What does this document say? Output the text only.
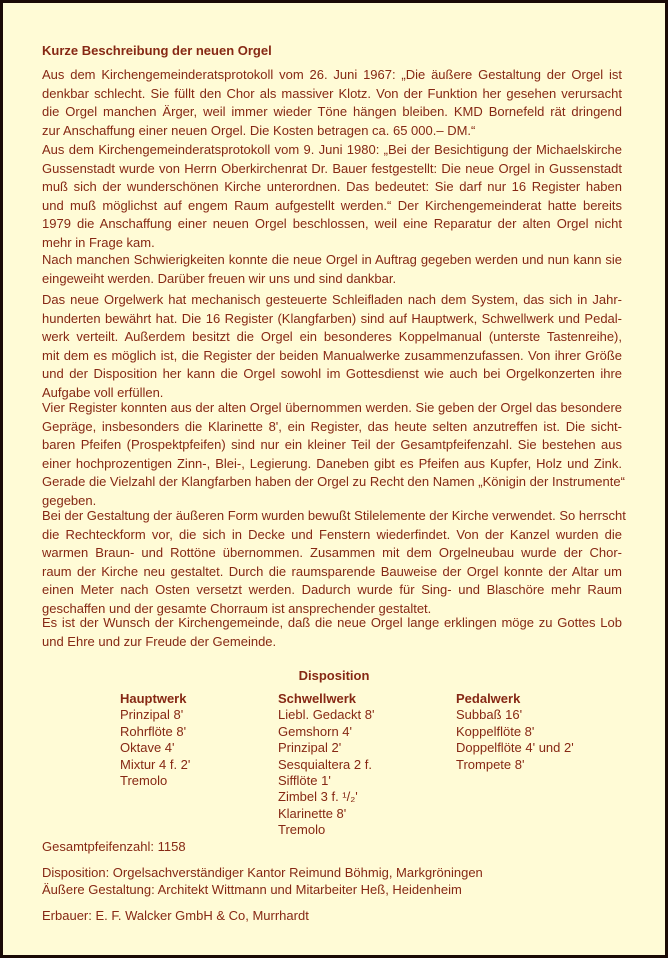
Kurze Beschreibung der neuen Orgel
Aus dem Kirchengemeinderatsprotokoll vom 26. Juni 1967: „Die äußere Gestaltung der Orgel ist
denkbar schlecht. Sie füllt den Chor als massiver Klotz. Von der Funktion her gesehen verursacht
die Orgel manchen Ärger, weil immer wieder Töne hängen bleiben. KMD Bornefeld rät dringend
zur Anschaffung einer neuen Orgel. Die Kosten betragen ca. 65 000.– DM.“
Aus dem Kirchengemeinderatsprotokoll vom 9. Juni 1980: „Bei der Besichtigung der Michaelskirche
Gussenstadt wurde von Herrn Oberkirchenrat Dr. Bauer festgestellt: Die neue Orgel in Gussenstadt
muß sich der wunderschönen Kirche unterordnen. Das bedeutet: Sie darf nur 16 Register haben
und muß möglichst auf engem Raum aufgestellt werden.“ Der Kirchengemeinderat hatte bereits
1979 die Anschaffung einer neuen Orgel beschlossen, weil eine Reparatur der alten Orgel nicht
mehr in Frage kam.
Nach manchen Schwierigkeiten konnte die neue Orgel in Auftrag gegeben werden und nun kann sie
eingeweiht werden. Darüber freuen wir uns und sind dankbar.
Das neue Orgelwerk hat mechanisch gesteuerte Schleifladen nach dem System, das sich in Jahr-
hunderten bewährt hat. Die 16 Register (Klangfarben) sind auf Hauptwerk, Schwellwerk und Pedal-
werk verteilt. Außerdem besitzt die Orgel ein besonderes Koppelmanual (unterste Tastenreihe),
mit dem es möglich ist, die Register der beiden Manualwerke zusammenzufassen. Von ihrer Größe
und der Disposition her kann die Orgel sowohl im Gottesdienst wie auch bei Orgelkonzerten ihre
Aufgabe voll erfüllen.
Vier Register konnten aus der alten Orgel übernommen werden. Sie geben der Orgel das besondere
Gepräge, insbesonders die Klarinette 8', ein Register, das heute selten anzutreffen ist. Die sicht-
baren Pfeifen (Prospektpfeifen) sind nur ein kleiner Teil der Gesamtpfeifenzahl. Sie bestehen aus
einer hochprozentigen Zinn-, Blei-, Legierung. Daneben gibt es Pfeifen aus Kupfer, Holz und Zink.
Gerade die Vielzahl der Klangfarben haben der Orgel zu Recht den Namen „Königin der Instrumente“
gegeben.
Bei der Gestaltung der äußeren Form wurden bewußt Stilelemente der Kirche verwendet. So herrscht
die Rechteckform vor, die sich in Decke und Fenstern wiederfindet. Von der Kanzel wurden die
warmen Braun- und Rottöne übernommen. Zusammen mit dem Orgelneubau wurde der Chor-
raum der Kirche neu gestaltet. Durch die raumsparende Bauweise der Orgel konnte der Altar um
einen Meter nach Osten versetzt werden. Dadurch wurde für Sing- und Blaschöre mehr Raum
geschaffen und der gesamte Chorraum ist ansprechender gestaltet.
Es ist der Wunsch der Kirchengemeinde, daß die neue Orgel lange erklingen möge zu Gottes Lob
und Ehre und zur Freude der Gemeinde.
Disposition
Hauptwerk
Prinzipal 8'
Rohrflöte 8'
Oktave 4'
Mixtur 4 f. 2'
Tremolo
Schwellwerk
Liebl. Gedackt 8'
Gemshorn 4'
Prinzipal 2'
Sesquialtera 2 f.
Sifflöte 1'
Zimbel 3 f. ¹/₂'
Klarinette 8'
Tremolo
Pedalwerk
Subbaß 16'
Koppelflöte 8'
Doppelflöte 4' und 2'
Trompete 8'
Gesamtpfeifenzahl: 1158
Disposition: Orgelsachverständiger Kantor Reimund Böhmig, Markgröningen
Äußere Gestaltung: Architekt Wittmann und Mitarbeiter Heß, Heidenheim
Erbauer: E. F. Walcker GmbH & Co, Murrhardt
